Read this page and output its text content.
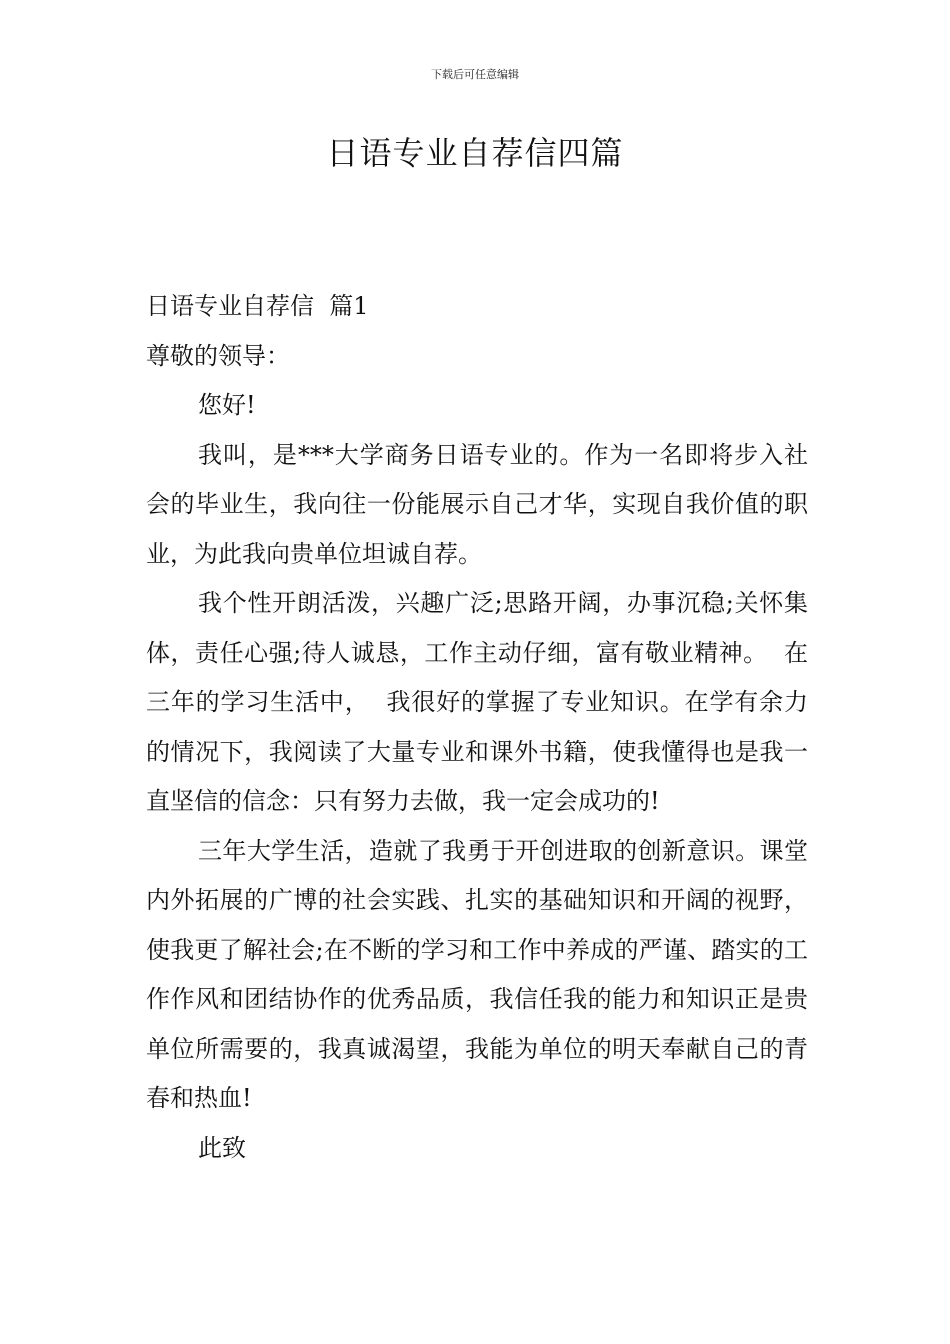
下载后可任意编辑
日语专业自荐信四篇

日语专业自荐信  篇1

尊敬的领导：

您好!

我叫，是***大学商务日语专业的。作为一名即将步入社会的毕业生，我向往一份能展示自己才华，实现自我价值的职业，为此我向贵单位坦诚自荐。

我个性开朗活泼，兴趣广泛;思路开阔，办事沉稳;关怀集体，责任心强;待人诚恳，工作主动仔细，富有敬业精神。  在三年的学习生活中，  我很好的掌握了专业知识。在学有余力的情况下，我阅读了大量专业和课外书籍，使我懂得也是我一直坚信的信念：只有努力去做，我一定会成功的!

三年大学生活，造就了我勇于开创进取的创新意识。课堂内外拓展的广博的社会实践、扎实的基础知识和开阔的视野，使我更了解社会;在不断的学习和工作中养成的严谨、踏实的工作作风和团结协作的优秀品质，我信任我的能力和知识正是贵单位所需要的，我真诚渴望，我能为单位的明天奉献自己的青春和热血!

此致
